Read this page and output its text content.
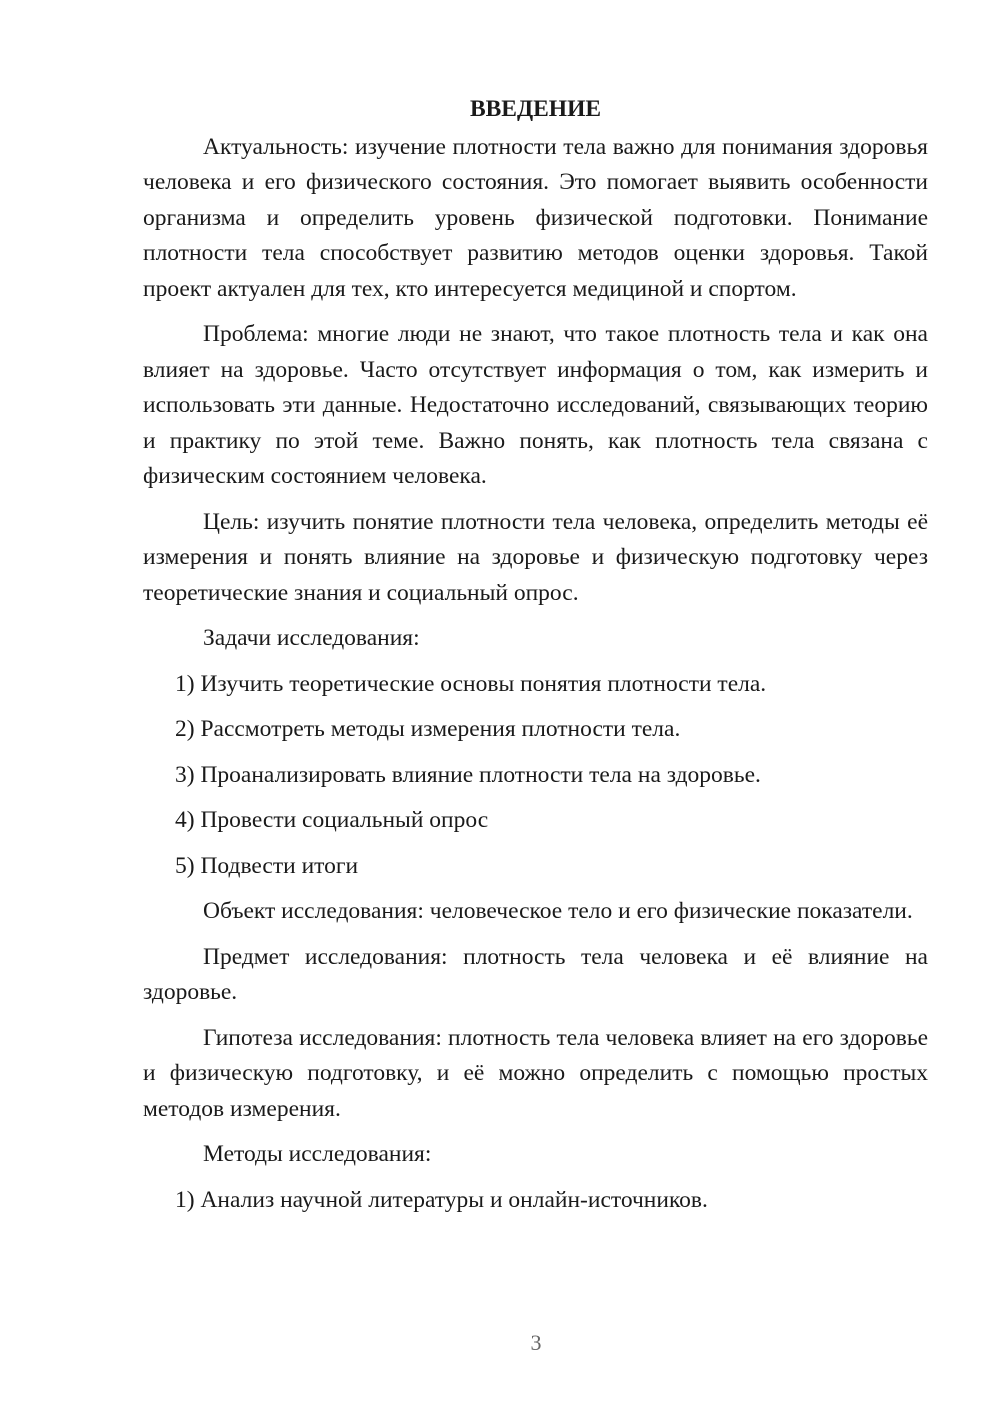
ВВЕДЕНИЕ

Актуальность: изучение плотности тела важно для понимания здоровья человека и его физического состояния. Это помогает выявить особенности организма и определить уровень физической подготовки. Понимание плотности тела способствует развитию методов оценки здоровья. Такой проект актуален для тех, кто интересуется медициной и спортом.

Проблема: многие люди не знают, что такое плотность тела и как она влияет на здоровье. Часто отсутствует информация о том, как измерить и использовать эти данные. Недостаточно исследований, связывающих теорию и практику по этой теме. Важно понять, как плотность тела связана с физическим состоянием человека.

Цель: изучить понятие плотности тела человека, определить методы её измерения и понять влияние на здоровье и физическую подготовку через теоретические знания и социальный опрос.

Задачи исследования:
1) Изучить теоретические основы понятия плотности тела.
2) Рассмотреть методы измерения плотности тела.
3) Проанализировать влияние плотности тела на здоровье.
4) Провести социальный опрос
5) Подвести итоги

Объект исследования: человеческое тело и его физические показатели.

Предмет исследования: плотность тела человека и её влияние на здоровье.

Гипотеза исследования: плотность тела человека влияет на его здоровье и физическую подготовку, и её можно определить с помощью простых методов измерения.

Методы исследования:
1) Анализ научной литературы и онлайн-источников.
3
